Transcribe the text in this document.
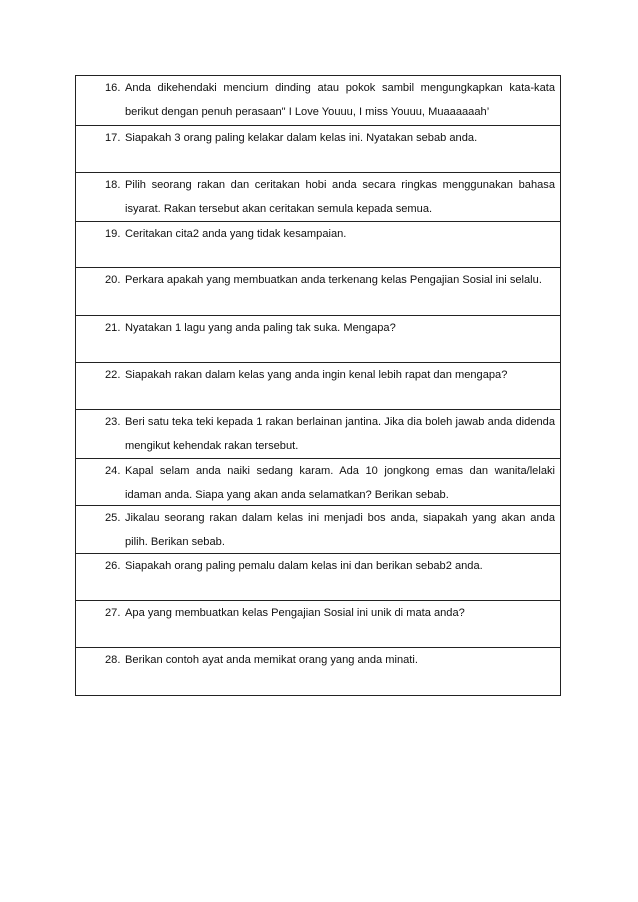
16. Anda dikehendaki mencium dinding atau pokok sambil mengungkapkan kata-kata berikut dengan penuh perasaan" I Love Youuu, I miss Youuu, Muaaaaaah’
17. Siapakah 3 orang paling kelakar dalam kelas ini. Nyatakan sebab anda.
18. Pilih seorang rakan dan ceritakan hobi anda secara ringkas menggunakan bahasa isyarat. Rakan tersebut akan ceritakan semula kepada semua.
19. Ceritakan cita2 anda yang tidak kesampaian.
20. Perkara apakah yang membuatkan anda terkenang kelas Pengajian Sosial ini selalu.
21. Nyatakan 1 lagu yang anda paling tak suka. Mengapa?
22. Siapakah rakan dalam kelas yang anda ingin kenal lebih rapat dan mengapa?
23. Beri satu teka teki kepada 1 rakan berlainan jantina. Jika dia boleh jawab anda didenda mengikut kehendak rakan tersebut.
24. Kapal selam anda naiki sedang karam. Ada 10 jongkong emas dan wanita/lelaki idaman anda. Siapa yang akan anda selamatkan? Berikan sebab.
25. Jikalau seorang rakan dalam kelas ini menjadi bos anda, siapakah yang akan anda pilih. Berikan sebab.
26. Siapakah orang paling pemalu dalam kelas ini dan berikan sebab2 anda.
27. Apa yang membuatkan kelas Pengajian Sosial ini unik di mata anda?
28. Berikan contoh ayat anda memikat orang yang anda minati.
